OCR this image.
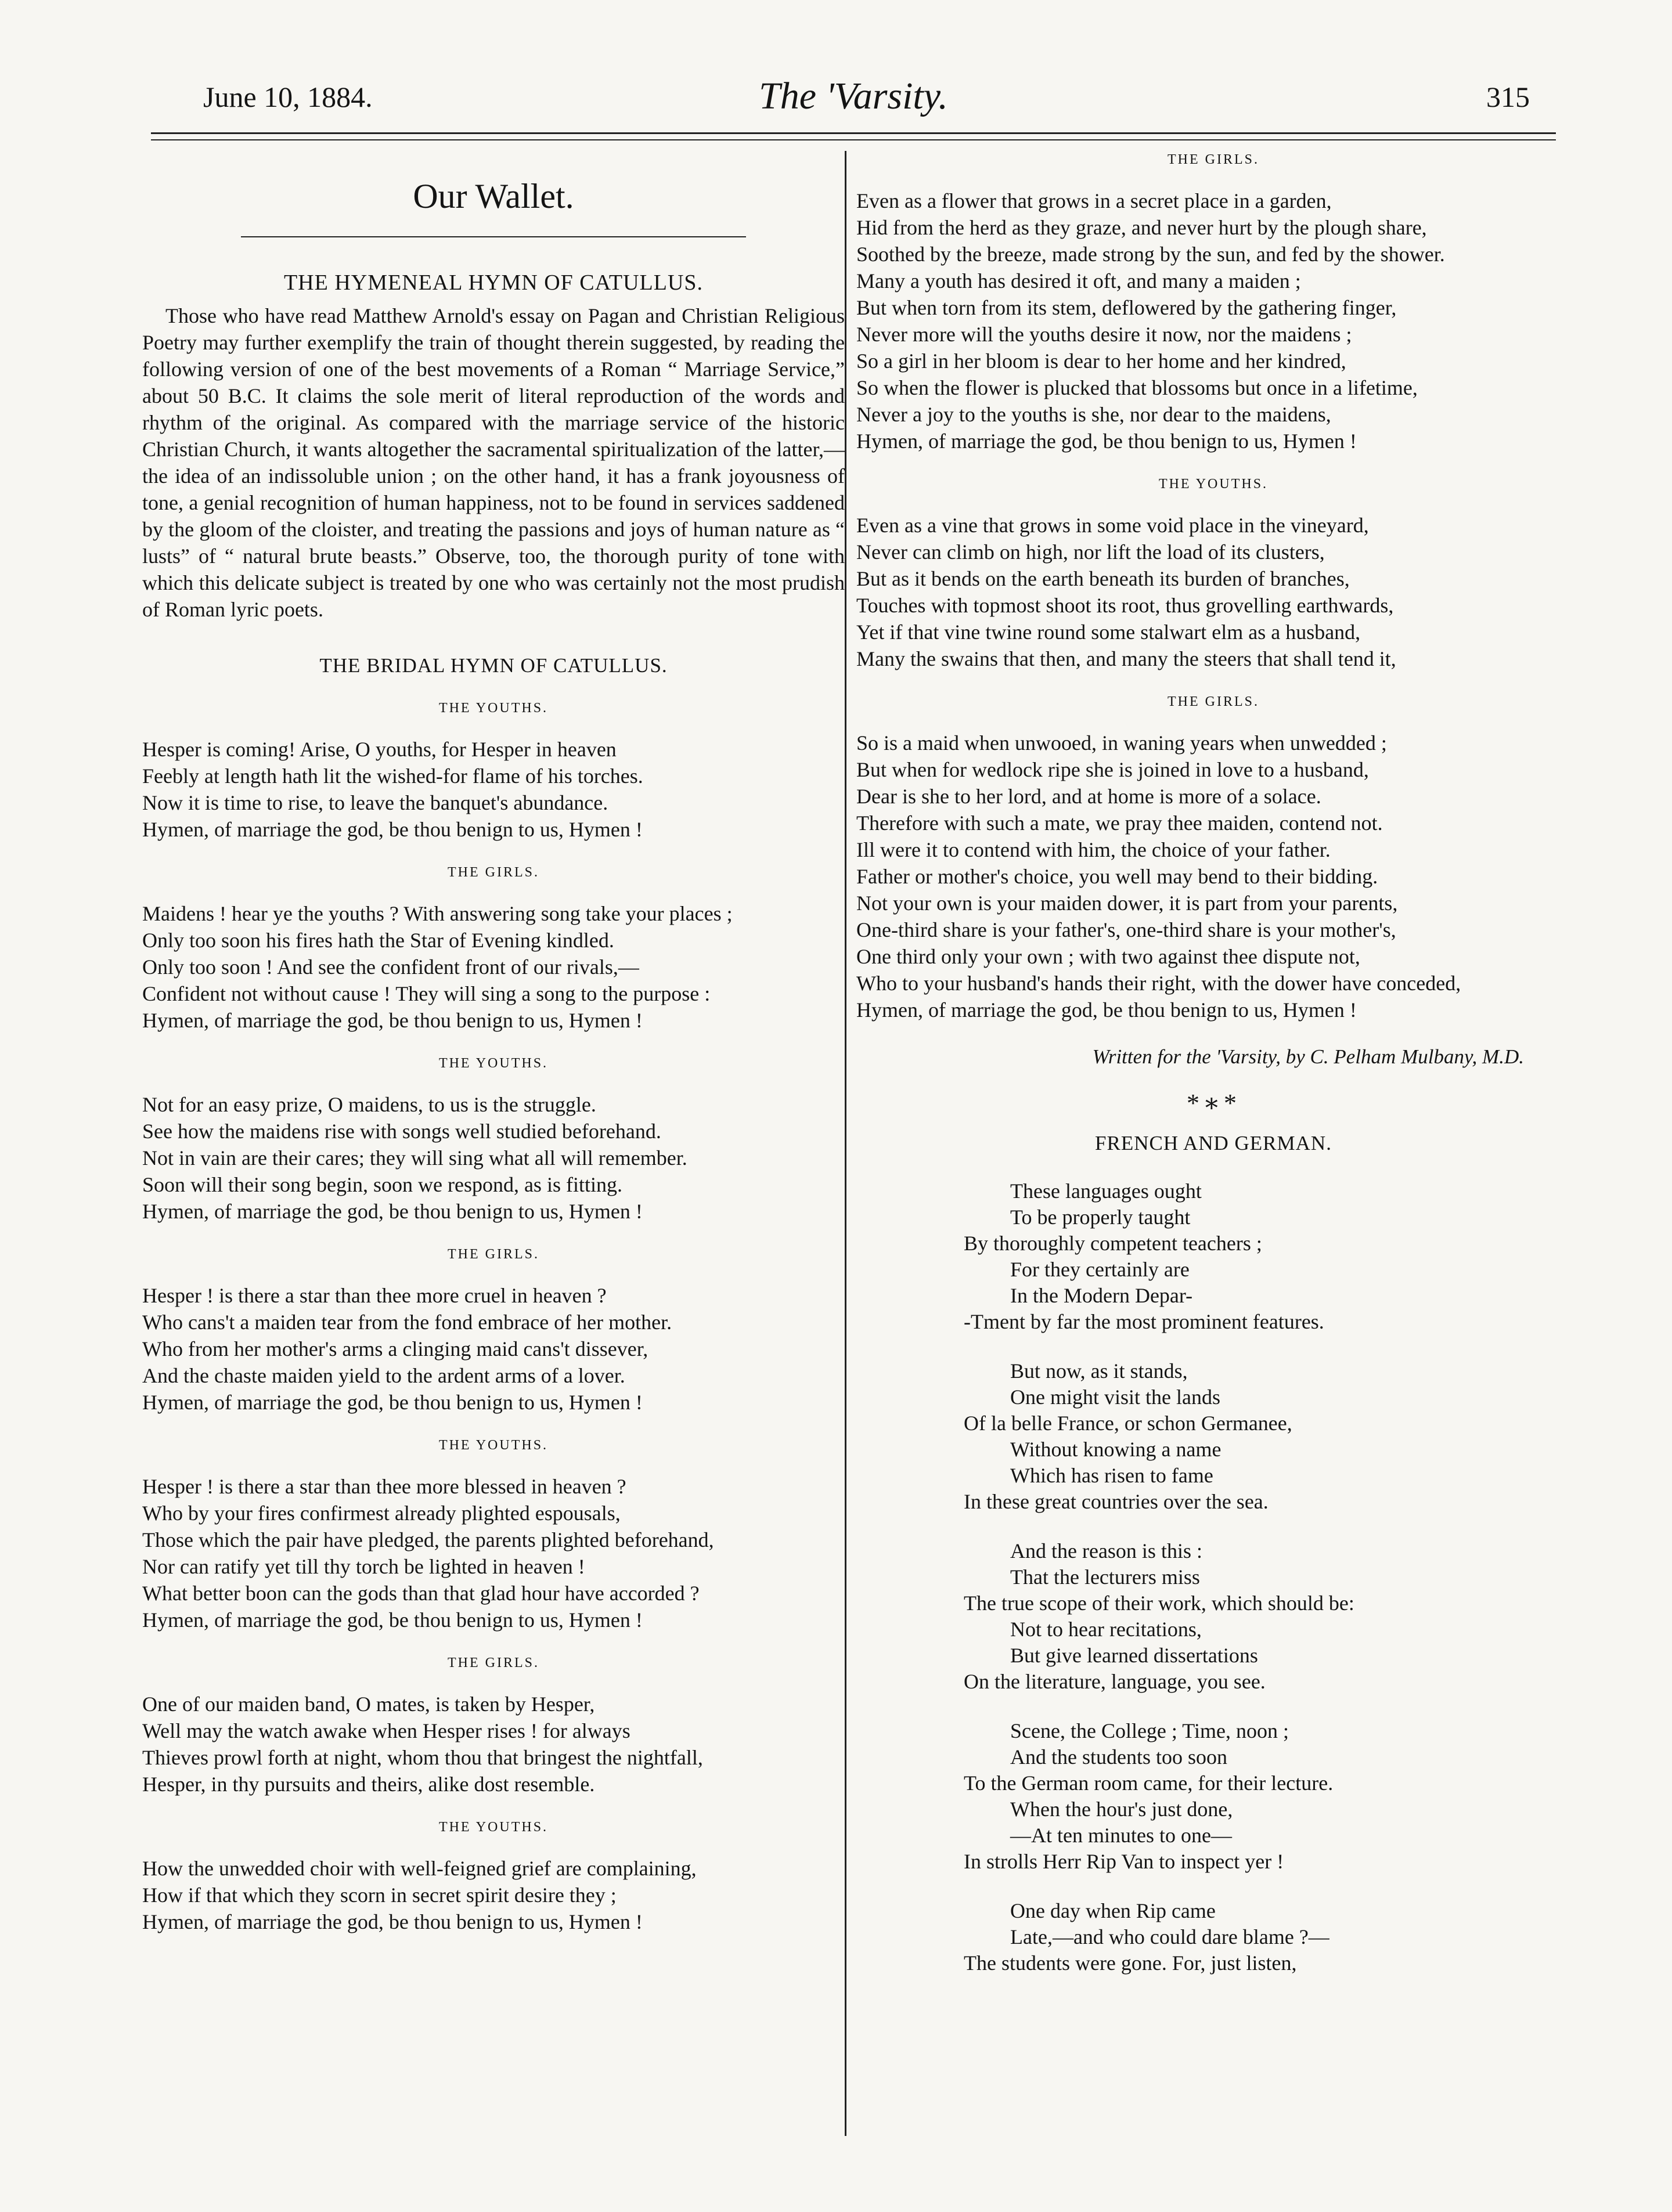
June 10, 1884.	The 'Varsity.	315
Our Wallet.
THE HYMENEAL HYMN OF CATULLUS.
Those who have read Matthew Arnold's essay on Pagan and Christian Religious Poetry may further exemplify the train of thought therein suggested, by reading the following version of one of the best movements of a Roman “ Marriage Service,” about 50 B.C. It claims the sole merit of literal reproduction of the words and rhythm of the original. As compared with the marriage service of the historic Christian Church, it wants altogether the sacramental spiritualization of the latter,—the idea of an indissoluble union ; on the other hand, it has a frank joyousness of tone, a genial recognition of human happiness, not to be found in services saddened by the gloom of the cloister, and treating the passions and joys of human nature as “ lusts” of “ natural brute beasts.” Observe, too, the thorough purity of tone with which this delicate subject is treated by one who was certainly not the most prudish of Roman lyric poets.
THE BRIDAL HYMN OF CATULLUS.
THE YOUTHS.
Hesper is coming! Arise, O youths, for Hesper in heaven
Feebly at length hath lit the wished-for flame of his torches.
Now it is time to rise, to leave the banquet's abundance.
Hymen, of marriage the god, be thou benign to us, Hymen !
THE GIRLS.
Maidens ! hear ye the youths ? With answering song take your places ;
Only too soon his fires hath the Star of Evening kindled.
Only too soon ! And see the confident front of our rivals,—
Confident not without cause ! They will sing a song to the purpose :
Hymen, of marriage the god, be thou benign to us, Hymen !
THE YOUTHS.
Not for an easy prize, O maidens, to us is the struggle.
See how the maidens rise with songs well studied beforehand.
Not in vain are their cares; they will sing what all will remember.
Soon will their song begin, soon we respond, as is fitting.
Hymen, of marriage the god, be thou benign to us, Hymen !
THE GIRLS.
Hesper ! is there a star than thee more cruel in heaven ?
Who cans't a maiden tear from the fond embrace of her mother.
Who from her mother's arms a clinging maid cans't dissever,
And the chaste maiden yield to the ardent arms of a lover.
Hymen, of marriage the god, be thou benign to us, Hymen !
THE YOUTHS.
Hesper ! is there a star than thee more blessed in heaven ?
Who by your fires confirmest already plighted espousals,
Those which the pair have pledged, the parents plighted beforehand,
Nor can ratify yet till thy torch be lighted in heaven !
What better boon can the gods than that glad hour have accorded ?
Hymen, of marriage the god, be thou benign to us, Hymen !
THE GIRLS.
One of our maiden band, O mates, is taken by Hesper,
Well may the watch awake when Hesper rises ! for always
Thieves prowl forth at night, whom thou that bringest the nightfall,
Hesper, in thy pursuits and theirs, alike dost resemble.
THE YOUTHS.
How the unwedded choir with well-feigned grief are complaining,
How if that which they scorn in secret spirit desire they ;
Hymen, of marriage the god, be thou benign to us, Hymen !
THE GIRLS.
Even as a flower that grows in a secret place in a garden,
Hid from the herd as they graze, and never hurt by the plough share,
Soothed by the breeze, made strong by the sun, and fed by the shower.
Many a youth has desired it oft, and many a maiden ;
But when torn from its stem, deflowered by the gathering finger,
Never more will the youths desire it now, nor the maidens ;
So a girl in her bloom is dear to her home and her kindred,
So when the flower is plucked that blossoms but once in a lifetime,
Never a joy to the youths is she, nor dear to the maidens,
Hymen, of marriage the god, be thou benign to us, Hymen !
THE YOUTHS.
Even as a vine that grows in some void place in the vineyard,
Never can climb on high, nor lift the load of its clusters,
But as it bends on the earth beneath its burden of branches,
Touches with topmost shoot its root, thus grovelling earthwards,
Yet if that vine twine round some stalwart elm as a husband,
Many the swains that then, and many the steers that shall tend it,
THE GIRLS.
So is a maid when unwooed, in waning years when unwedded ;
But when for wedlock ripe she is joined in love to a husband,
Dear is she to her lord, and at home is more of a solace.
Therefore with such a mate, we pray thee maiden, contend not.
Ill were it to contend with him, the choice of your father.
Father or mother's choice, you well may bend to their bidding.
Not your own is your maiden dower, it is part from your parents,
One-third share is your father's, one-third share is your mother's,
One third only your own ; with two against thee dispute not,
Who to your husband's hands their right, with the dower have conceded,
Hymen, of marriage the god, be thou benign to us, Hymen !
Written for the 'Varsity, by C. Pelham Mulbany, M.D.
*∗*
FRENCH AND GERMAN.
These languages ought
To be properly taught
By thoroughly competent teachers ;
For they certainly are
In the Modern Depar-
-Tment by far the most prominent features.
But now, as it stands,
One might visit the lands
Of la belle France, or schon Germanee,
Without knowing a name
Which has risen to fame
In these great countries over the sea.
And the reason is this :
That the lecturers miss
The true scope of their work, which should be:
Not to hear recitations,
But give learned dissertations
On the literature, language, you see.
Scene, the College ; Time, noon ;
And the students too soon
To the German room came, for their lecture.
When the hour's just done,
—At ten minutes to one—
In strolls Herr Rip Van to inspect yer !
One day when Rip came
Late,—and who could dare blame ?—
The students were gone. For, just listen,
